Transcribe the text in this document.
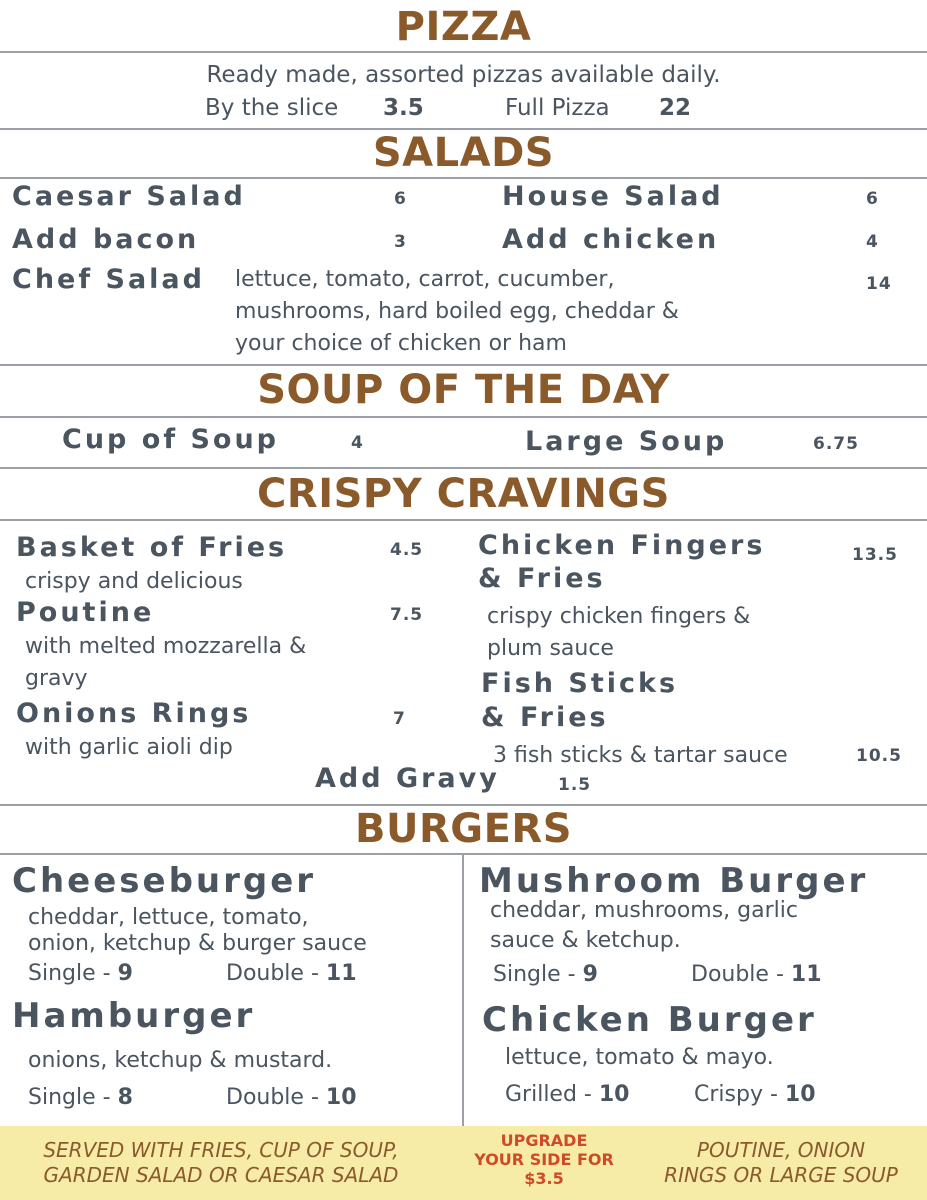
PIZZA
Ready made, assorted pizzas available daily.
By the slice 3.5	Full Pizza 22
SALADS
Caesar Salad	6	House Salad	6
Add bacon	3	Add chicken	4
Chef Salad lettuce, tomato, carrot, cucumber,
mushrooms, hard boiled egg, cheddar &
your choice of chicken or ham
14
SOUP OF THE DAY
Cup of Soup	4	Large Soup	6.75
CRISPY CRAVINGS
Basket of Fries	4.5
crispy and delicious
Poutine	7.5
with melted mozzarella &
gravy
Onions Rings	7
with garlic aioli dip
Chicken Fingers
& Fries
13.5
crispy chicken fingers &
plum sauce
Fish Sticks
& Fries
3 fish sticks & tartar sauce	10.5
Add Gravy	1.5
BURGERS
Cheeseburger
cheddar, lettuce, tomato,
onion, ketchup & burger sauce
Single - 9	Double - 11
Hamburger
onions, ketchup & mustard.
Single - 8	Double - 10
Mushroom Burger
cheddar, mushrooms, garlic
sauce & ketchup.
Single - 9	Double - 11
Chicken Burger
lettuce, tomato & mayo.
Grilled - 10	Crispy - 10
SERVED WITH FRIES, CUP OF SOUP,
GARDEN SALAD OR CAESAR SALAD
UPGRADE
YOUR SIDE FOR
$3.5
POUTINE, ONION
RINGS OR LARGE SOUP
